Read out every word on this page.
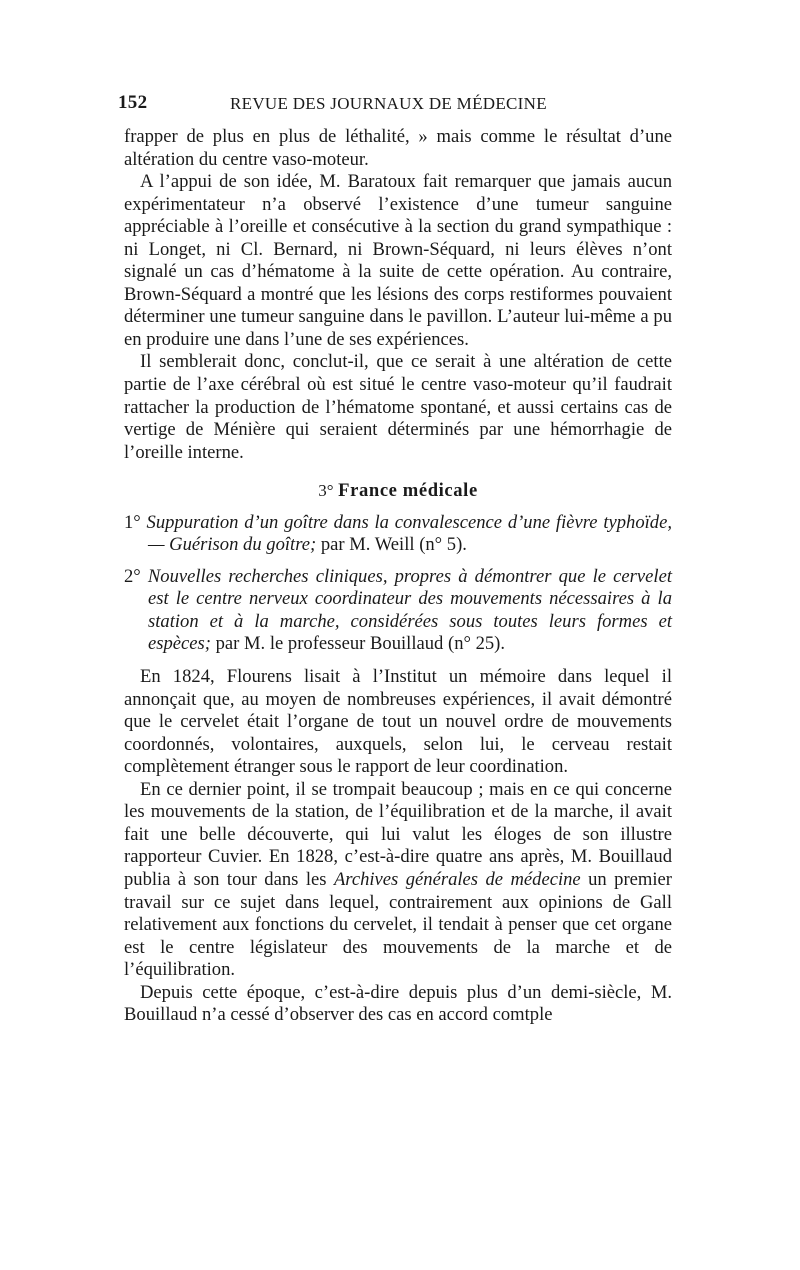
152	REVUE DES JOURNAUX DE MÉDECINE

frapper de plus en plus de léthalité, » mais comme le résultat d’une altération du centre vaso-moteur.

A l’appui de son idée, M. Baratoux fait remarquer que jamais aucun expérimentateur n’a observé l’existence d’une tumeur sanguine appréciable à l’oreille et consécutive à la section du grand sympathique : ni Longet, ni Cl. Bernard, ni Brown-Séquard, ni leurs élèves n’ont signalé un cas d’hématome à la suite de cette opération. Au contraire, Brown-Séquard a montré que les lésions des corps restiformes pouvaient déterminer une tumeur sanguine dans le pavillon. L’auteur lui-même a pu en produire une dans l’une de ses expériences.

Il semblerait donc, conclut-il, que ce serait à une altération de cette partie de l’axe cérébral où est situé le centre vaso-moteur qu’il faudrait rattacher la production de l’hématome spontané, et aussi certains cas de vertige de Ménière qui seraient déterminés par une hémorrhagie de l’oreille interne.

3° France médicale

1° Suppuration d’un goître dans la convalescence d’une fièvre typhoïde, — Guérison du goître; par M. Weill (n° 5).

2° Nouvelles recherches cliniques, propres à démontrer que le cervelet est le centre nerveux coordinateur des mouvements nécessaires à la station et à la marche, considérées sous toutes leurs formes et espèces; par M. le professeur Bouillaud (n° 25).

En 1824, Flourens lisait à l’Institut un mémoire dans lequel il annonçait que, au moyen de nombreuses expériences, il avait démontré que le cervelet était l’organe de tout un nouvel ordre de mouvements coordonnés, volontaires, auxquels, selon lui, le cerveau restait complètement étranger sous le rapport de leur coordination.

En ce dernier point, il se trompait beaucoup ; mais en ce qui concerne les mouvements de la station, de l’équilibration et de la marche, il avait fait une belle découverte, qui lui valut les éloges de son illustre rapporteur Cuvier. En 1828, c’est-à-dire quatre ans après, M. Bouillaud publia à son tour dans les Archives générales de médecine un premier travail sur ce sujet dans lequel, contrairement aux opinions de Gall relativement aux fonctions du cervelet, il tendait à penser que cet organe est le centre législateur des mouvements de la marche et de l’équilibration.

Depuis cette époque, c’est-à-dire depuis plus d’un demi-siècle, M. Bouillaud n’a cessé d’observer des cas en accord comtple
